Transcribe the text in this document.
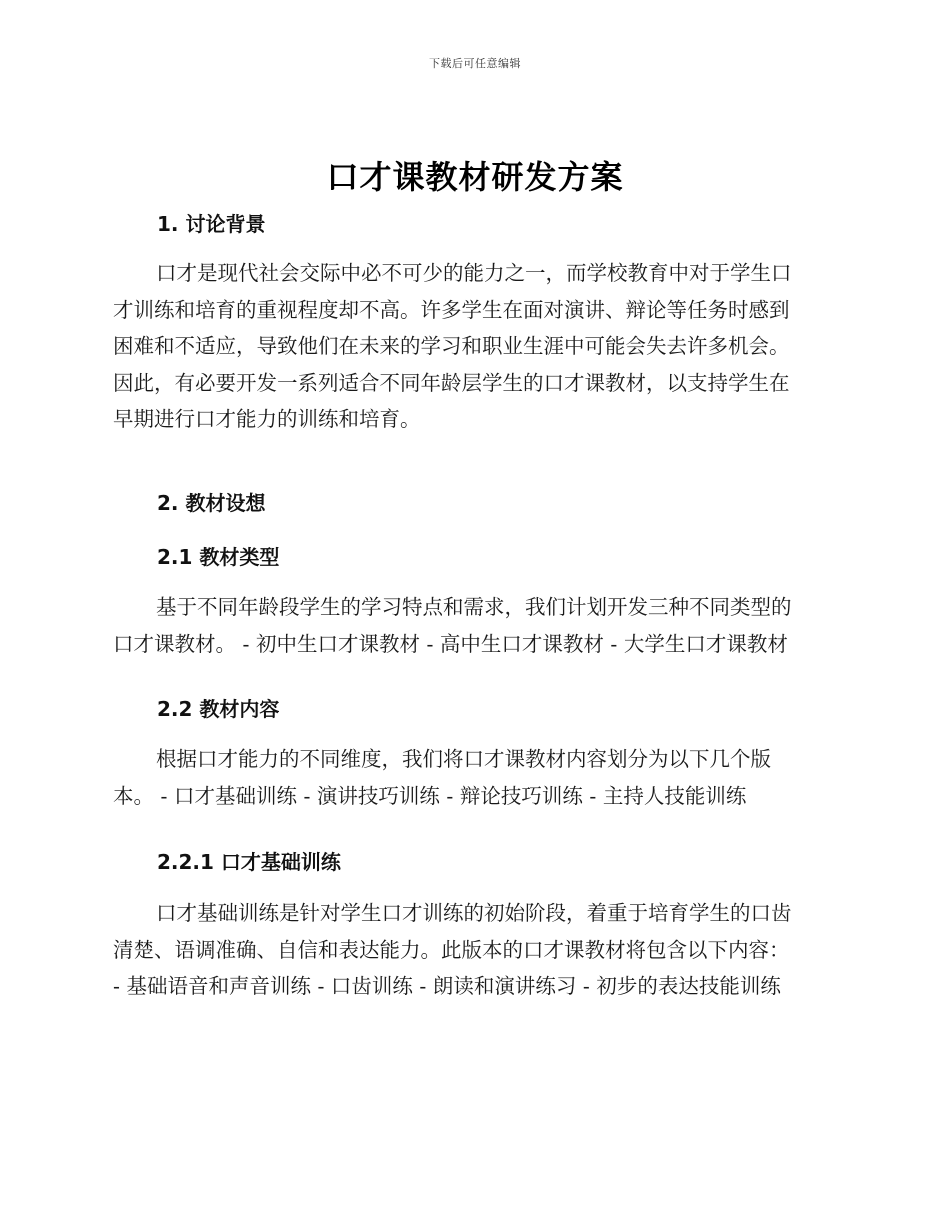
下载后可任意编辑
口才课教材研发方案
1. 讨论背景
口才是现代社会交际中必不可少的能力之一，而学校教育中对于学生口
才训练和培育的重视程度却不高。许多学生在面对演讲、辩论等任务时感到
困难和不适应，导致他们在未来的学习和职业生涯中可能会失去许多机会。
因此，有必要开发一系列适合不同年龄层学生的口才课教材，以支持学生在
早期进行口才能力的训练和培育。
2. 教材设想
2.1 教材类型
基于不同年龄段学生的学习特点和需求，我们计划开发三种不同类型的
口才课教材。 - 初中生口才课教材 - 高中生口才课教材 - 大学生口才课教材
2.2 教材内容
根据口才能力的不同维度，我们将口才课教材内容划分为以下几个版
本。 - 口才基础训练 - 演讲技巧训练 - 辩论技巧训练 - 主持人技能训练
2.2.1 口才基础训练
口才基础训练是针对学生口才训练的初始阶段，着重于培育学生的口齿
清楚、语调准确、自信和表达能力。此版本的口才课教材将包含以下内容：
- 基础语音和声音训练 - 口齿训练 - 朗读和演讲练习 - 初步的表达技能训练
